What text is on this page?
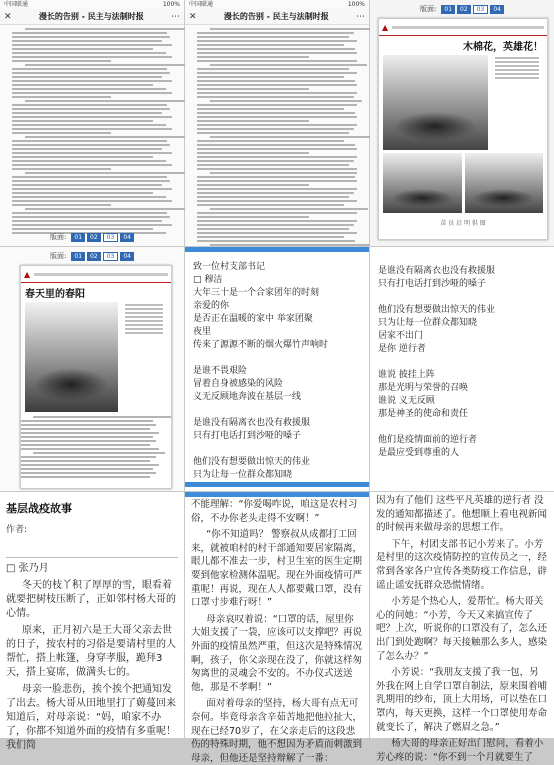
中国联通	100%
✕	漫长的告别 - 民主与法制时报	⋯
版面:	01	02	03	04
中国联通	100%
✕	漫长的告别 - 民主与法制时报	⋯
版面:	01	02	03	04
▲
木棉花，英雄花！
苗 员 启 明 供 图
版面:	01	02	03	04
▲
春天里的春阳
致一位村支部书记
□ 穆洁
大年三十是一个合家团年的时刻
亲爱的你
是否正在温暖的家中 举家团聚
夜里
传来了源源不断的烟火爆竹声响时
是谁不畏艰险
冒着自身被感染的风险
义无反顾地奔波在基层一线
是谁没有隔离衣也没有救援服
只有打电话打到沙哑的嗓子
他们没有想要做出惊天的伟业
只为让每一位群众都知晓
是谁没有隔离衣也没有救援服
只有打电话打到沙哑的嗓子
他们没有想要做出惊天的伟业
只为让每一位群众都知晓
居家不出门
是你 逆行者
谁说 披挂上阵
那是光明与荣誉的召唤
谁说 义无反顾
那是神圣的使命和责任
他们是疫情面前的逆行者
是最应受到尊重的人
基层战疫故事
作者:

□ 张乃月

冬天的枝丫积了厚厚的雪，眼看着就要把树枝压断了，正如邻村杨大哥的心情。

原来，正月初六是王大哥父亲去世的日子，按农村的习俗是要请村里的人帮忙，搭上帐篷，身穿孝服，跪拜3天，搭上宴席，做满头七的。

母亲一脸悲伤，挨个挨个把通知发了出去。杨大哥从田地里打了薅蔓回来知道后，对母亲说：“妈，咱家不办了，你都不知道外面的疫情有多重呢！我们简

不能理解：“你爱喝咋说，咱这是农村习俗，不办你老头走得不安啊！”

“你不知道吗？ 警察叔从成都打工回来，就被咱村的村干部通知要居家隔离，眼儿都不准去一步，村卫生室的医生定期要到他家检测体温呢。现在外面疫情可严重呢！再说，现在人人都要戴口罩，没有口罩寸步难行呀！”

母亲哀叹着说：“口罩的话，屋里你大姐支援了一袋，应该可以支撑吧？再说外面的疫情虽然严重，但这次是特殊情况啊，孩子，你父亲现在没了，你就这样匆匆离世的灵魂会不安的。不办仪式送送他，那是不孝啊！”

面对着母亲的坚持，杨大哥有点无可奈何。毕竟母亲含辛茹苦地把他拉扯大，现在已经70岁了，在父亲走后的这段悲伤的特殊时期，他不想因为矛盾而刺激到母亲，但他还是坚持辩解了一番：

因为有了他们 这些平凡英雄的逆行者 没发的通知都描述了。他想顺上看电视新闻的时候再来做母亲的思想工作。

下午，村团支部书记小芳来了。小芳是村里的这次疫情防控的宣传员之一，经常到各家各户宣传各类防疫工作信息，辟谣止谣安抚群众恐慌情绪。

小芳是个热心人，爱帮忙。杨大哥关心的问她：“小芳，今天又来搞宣传了吧？上次，听说你的口罩没有了，怎么还出门到处跑啊？每天接触那么多人，感染了怎么办？”

小芳说：“我朋友支援了我一包，另外我在网上自学口罩自制法，原来围着哺乳期用的纱布，顶上大用场，可以垫在口罩内，每天更换，这样一个口罩使用寿命就变长了，解决了燃眉之急。”

杨大哥的母亲正好出门慰问，看着小芳心疼的说：“你不到一个月就要生了
